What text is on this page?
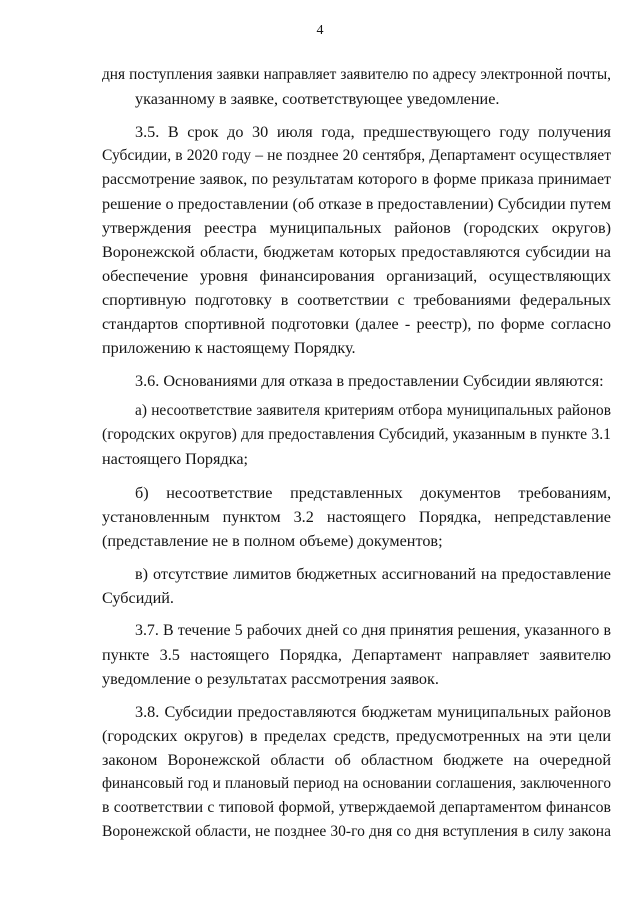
4
дня поступления заявки направляет заявителю по адресу электронной почты,
указанному в заявке, соответствующее уведомление.
3.5. В срок до 30 июля года, предшествующего году получения
Субсидии, в 2020 году – не позднее 20 сентября, Департамент осуществляет
рассмотрение заявок, по результатам которого в форме приказа принимает
решение о предоставлении (об отказе в предоставлении) Субсидии путем
утверждения реестра муниципальных районов (городских округов)
Воронежской области, бюджетам которых предоставляются субсидии на
обеспечение уровня финансирования организаций, осуществляющих
спортивную подготовку в соответствии с требованиями федеральных
стандартов спортивной подготовки (далее - реестр), по форме согласно
приложению к настоящему Порядку.
3.6. Основаниями для отказа в предоставлении Субсидии являются:
а) несоответствие заявителя критериям отбора муниципальных районов
(городских округов) для предоставления Субсидий, указанным в пункте 3.1
настоящего Порядка;
б) несоответствие представленных документов требованиям,
установленным пунктом 3.2 настоящего Порядка, непредставление
(представление не в полном объеме) документов;
в) отсутствие лимитов бюджетных ассигнований на предоставление
Субсидий.
3.7. В течение 5 рабочих дней со дня принятия решения, указанного в
пункте 3.5 настоящего Порядка, Департамент направляет заявителю
уведомление о результатах рассмотрения заявок.
3.8. Субсидии предоставляются бюджетам муниципальных районов
(городских округов) в пределах средств, предусмотренных на эти цели
законом Воронежской области об областном бюджете на очередной
финансовый год и плановый период на основании соглашения, заключенного
в соответствии с типовой формой, утверждаемой департаментом финансов
Воронежской области, не позднее 30-го дня со дня вступления в силу закона
